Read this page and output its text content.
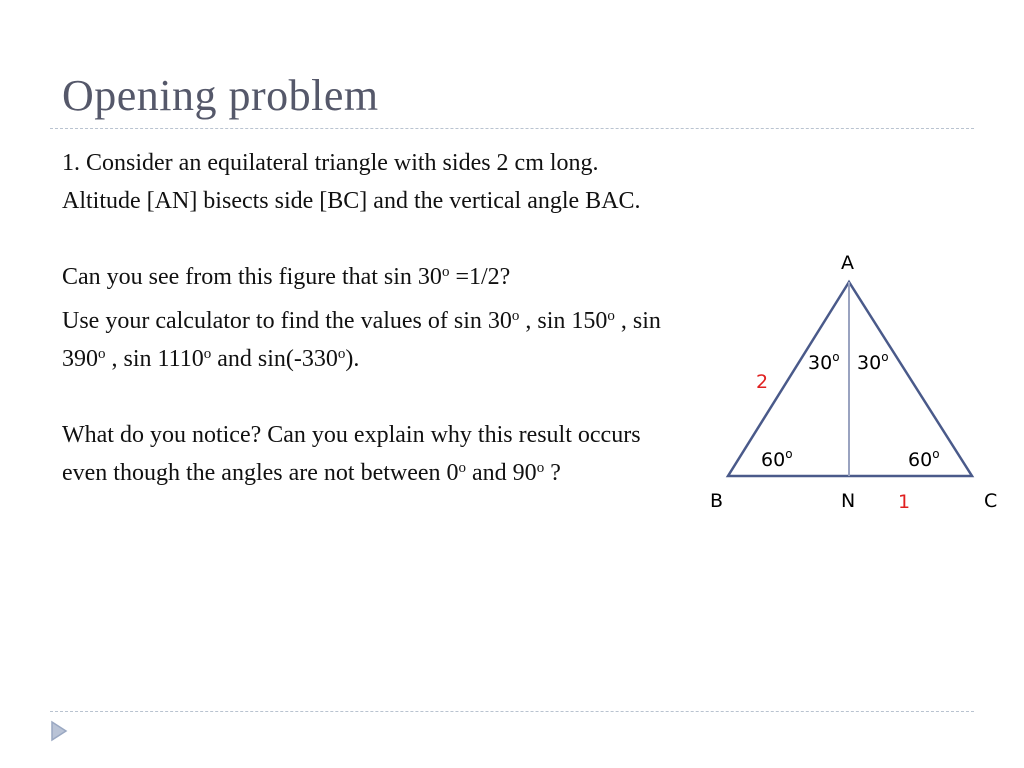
Opening problem

1. Consider an equilateral triangle with sides 2 cm long. Altitude [AN] bisects side [BC] and the vertical angle BAC.

Can you see from this figure that $\sin 30^o =1/2$?

Use your calculator to find the values of sin 30$^o$ , sin 150$^o$ , sin 390$^o$ , sin 1110$^o$ and sin(-330$^o$).

What do you notice? Can you explain why this result occurs even though the angles are not between 0$^o$ and 90$^o$ ?

A
B	C
N
2
1
30$^o$ 30$^o$
60$^o$	60$^o$
